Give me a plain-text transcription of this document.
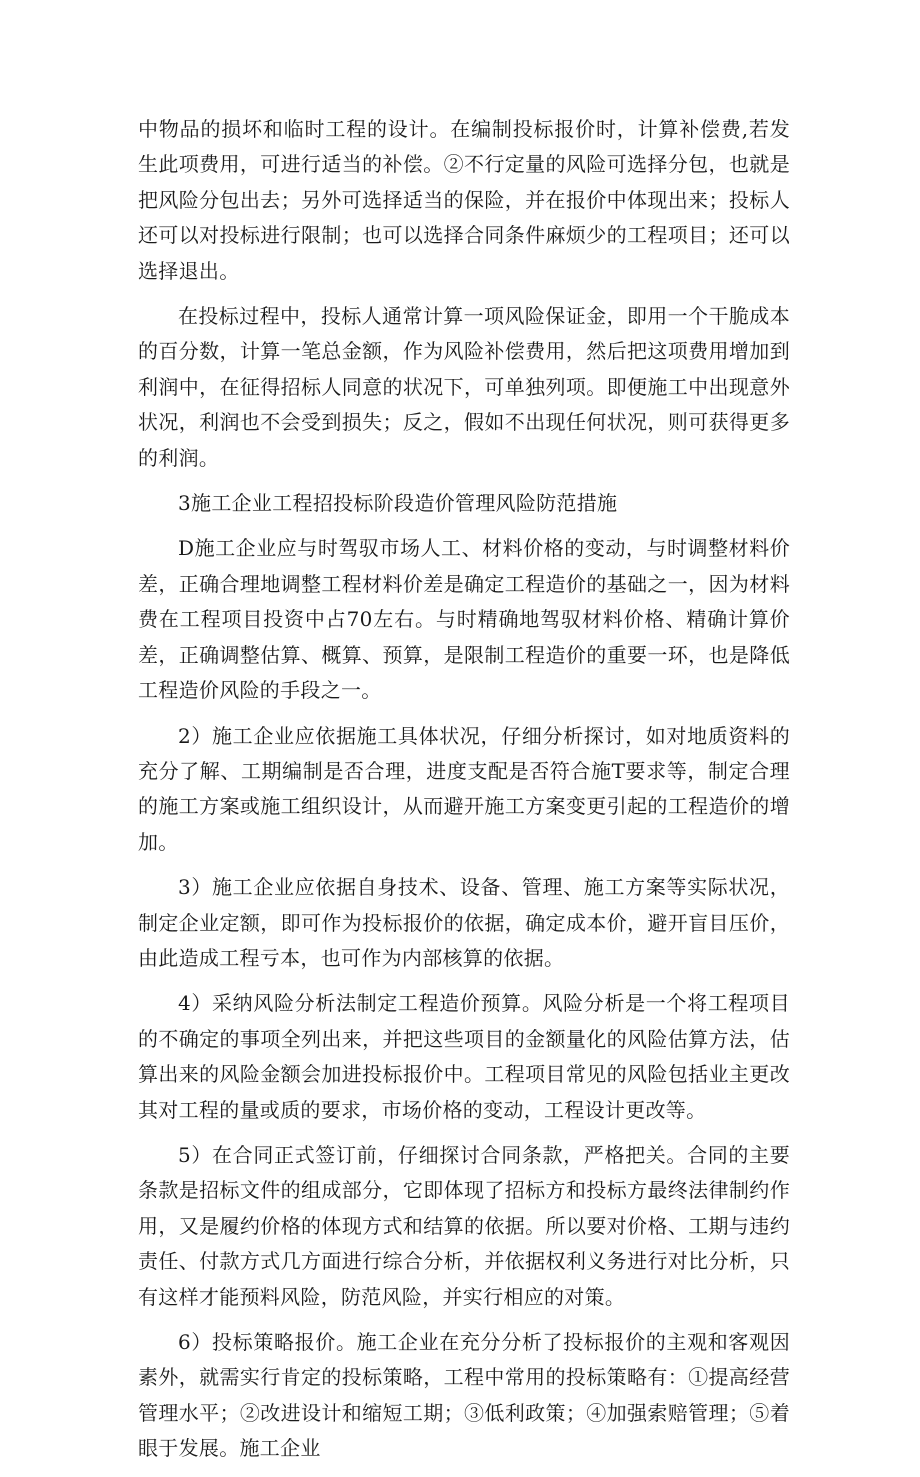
中物品的损坏和临时工程的设计。在编制投标报价时，计算补偿费,若发生此项费用，可进行适当的补偿。②不行定量的风险可选择分包，也就是把风险分包出去；另外可选择适当的保险，并在报价中体现出来；投标人还可以对投标进行限制；也可以选择合同条件麻烦少的工程项目；还可以选择退出。

在投标过程中，投标人通常计算一项风险保证金，即用一个干脆成本的百分数，计算一笔总金额，作为风险补偿费用，然后把这项费用增加到利润中，在征得招标人同意的状况下，可单独列项。即便施工中出现意外状况，利润也不会受到损失；反之，假如不出现任何状况，则可获得更多的利润。

3施工企业工程招投标阶段造价管理风险防范措施

D施工企业应与时驾驭市场人工、材料价格的变动，与时调整材料价差，正确合理地调整工程材料价差是确定工程造价的基础之一，因为材料费在工程项目投资中占70左右。与时精确地驾驭材料价格、精确计算价差，正确调整估算、概算、预算，是限制工程造价的重要一环，也是降低工程造价风险的手段之一。

2）施工企业应依据施工具体状况，仔细分析探讨，如对地质资料的充分了解、工期编制是否合理，进度支配是否符合施T要求等，制定合理的施工方案或施工组织设计，从而避开施工方案变更引起的工程造价的增加。

3）施工企业应依据自身技术、设备、管理、施工方案等实际状况，制定企业定额，即可作为投标报价的依据，确定成本价，避开盲目压价，由此造成工程亏本，也可作为内部核算的依据。

4）采纳风险分析法制定工程造价预算。风险分析是一个将工程项目的不确定的事项全列出来，并把这些项目的金额量化的风险估算方法，估算出来的风险金额会加进投标报价中。工程项目常见的风险包括业主更改其对工程的量或质的要求，市场价格的变动，工程设计更改等。

5）在合同正式签订前，仔细探讨合同条款，严格把关。合同的主要条款是招标文件的组成部分，它即体现了招标方和投标方最终法律制约作用，又是履约价格的体现方式和结算的依据。所以要对价格、工期与违约责任、付款方式几方面进行综合分析，并依据权利义务进行对比分析，只有这样才能预料风险，防范风险，并实行相应的对策。

6）投标策略报价。施工企业在充分分析了投标报价的主观和客观因素外，就需实行肯定的投标策略，工程中常用的投标策略有：①提高经营管理水平；②改进设计和缩短工期；③低利政策；④加强索赔管理；⑤着眼于发展。施工企业
